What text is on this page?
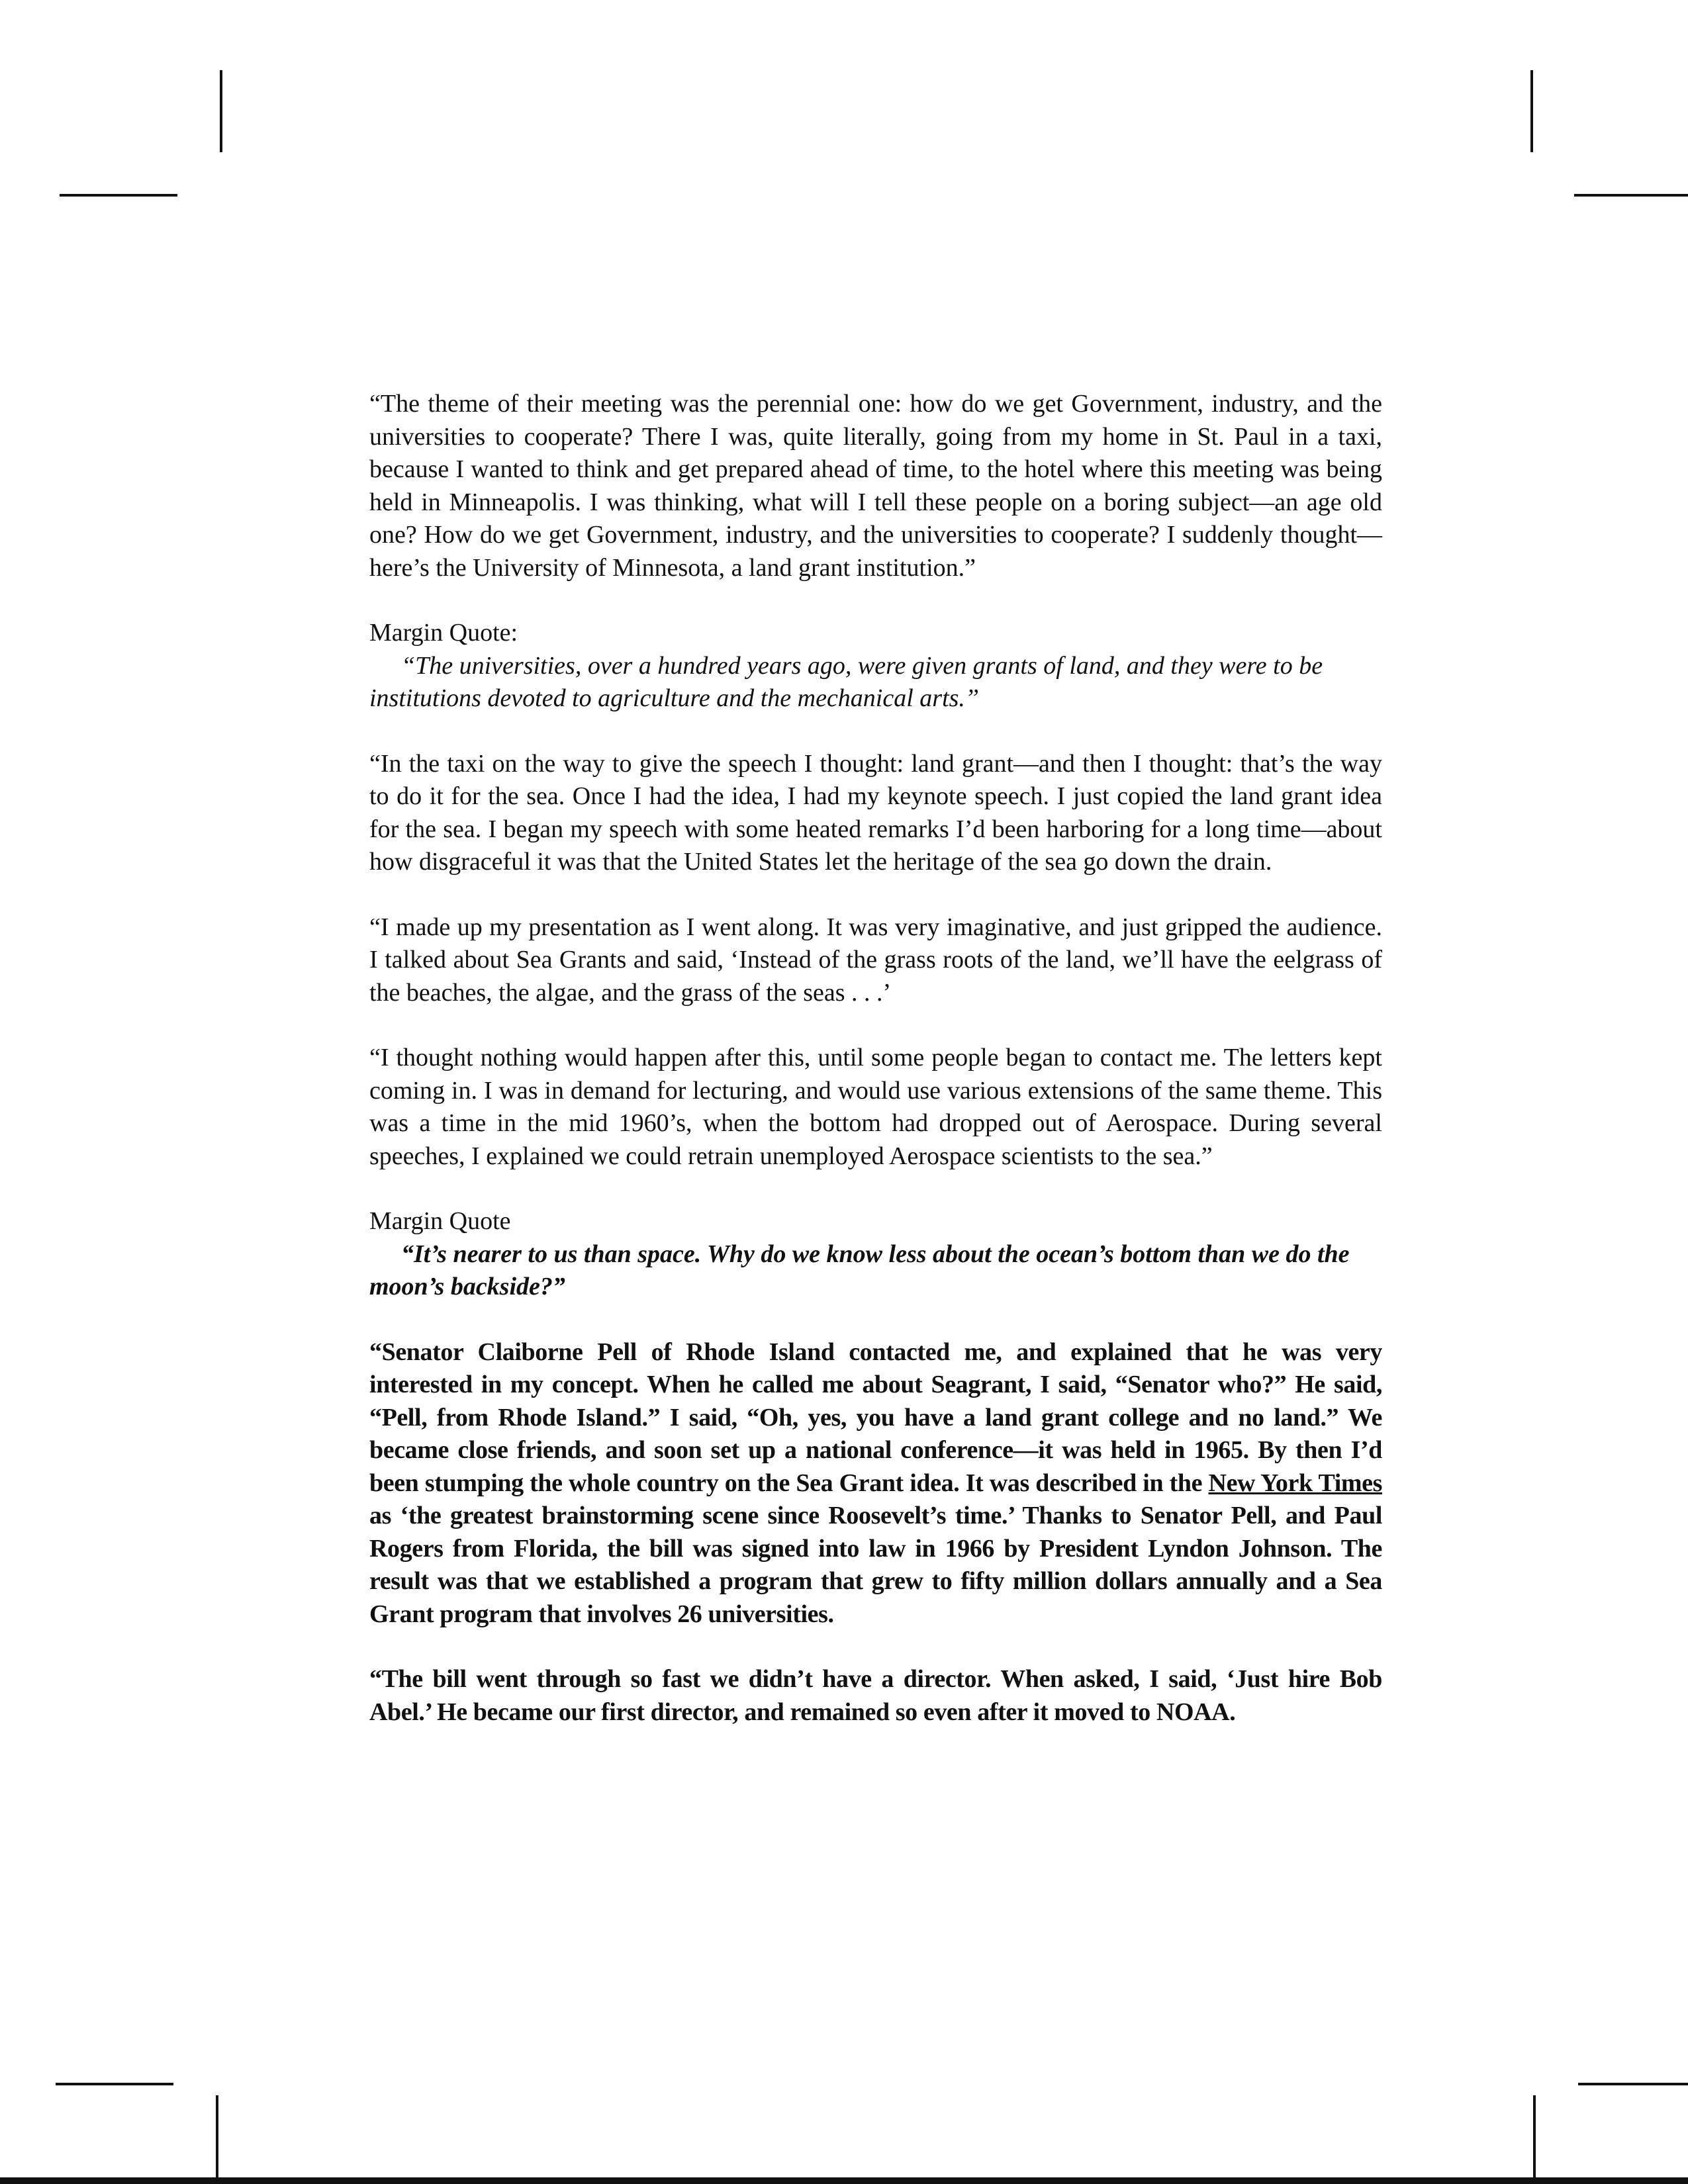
“The theme of their meeting was the perennial one: how do we get Government, industry, and the universities to cooperate? There I was, quite literally, going from my home in St. Paul in a taxi, because I wanted to think and get prepared ahead of time, to the hotel where this meeting was being held in Minneapolis. I was thinking, what will I tell these people on a boring subject—an age old one? How do we get Government, industry, and the universities to cooperate? I suddenly thought—here’s the University of Minnesota, a land grant institution.”

Margin Quote:

“The universities, over a hundred years ago, were given grants of land, and they were to be institutions devoted to agriculture and the mechanical arts.”

“In the taxi on the way to give the speech I thought: land grant—and then I thought: that’s the way to do it for the sea. Once I had the idea, I had my keynote speech. I just copied the land grant idea for the sea. I began my speech with some heated remarks I’d been harboring for a long time—about how disgraceful it was that the United States let the heritage of the sea go down the drain.

“I made up my presentation as I went along. It was very imaginative, and just gripped the audience. I talked about Sea Grants and said, ‘Instead of the grass roots of the land, we’ll have the eelgrass of the beaches, the algae, and the grass of the seas . . .’

“I thought nothing would happen after this, until some people began to contact me. The letters kept coming in. I was in demand for lecturing, and would use various extensions of the same theme. This was a time in the mid 1960’s, when the bottom had dropped out of Aerospace. During several speeches, I explained we could retrain unemployed Aerospace scientists to the sea.”

Margin Quote

“It’s nearer to us than space. Why do we know less about the ocean’s bottom than we do the moon’s backside?”

“Senator Claiborne Pell of Rhode Island contacted me, and explained that he was very interested in my concept. When he called me about Seagrant, I said, “Senator who?” He said, “Pell, from Rhode Island.” I said, “Oh, yes, you have a land grant college and no land.” We became close friends, and soon set up a national conference—it was held in 1965. By then I’d been stumping the whole country on the Sea Grant idea. It was described in the New York Times as ‘the greatest brainstorming scene since Roosevelt’s time.’ Thanks to Senator Pell, and Paul Rogers from Florida, the bill was signed into law in 1966 by President Lyndon Johnson. The result was that we established a program that grew to fifty million dollars annually and a Sea Grant program that involves 26 universities.

“The bill went through so fast we didn’t have a director. When asked, I said, ‘Just hire Bob Abel.’ He became our first director, and remained so even after it moved to NOAA.
